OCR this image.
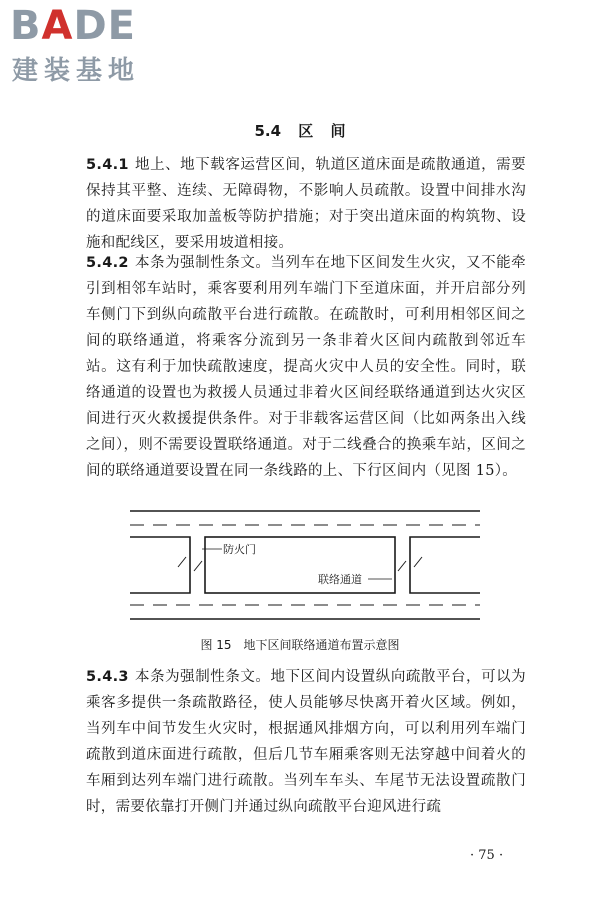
BADE
建装基地
5.4 区 间

5.4.1 地上、地下载客运营区间，轨道区道床面是疏散通道，需要保持其平整、连续、无障碍物，不影响人员疏散。设置中间排水沟的道床面要采取加盖板等防护措施；对于突出道床面的构筑物、设施和配线区，要采用坡道相接。

5.4.2 本条为强制性条文。当列车在地下区间发生火灾，又不能牵引到相邻车站时，乘客要利用列车端门下至道床面，并开启部分列车侧门下到纵向疏散平台进行疏散。在疏散时，可利用相邻区间之间的联络通道，将乘客分流到另一条非着火区间内疏散到邻近车站。这有利于加快疏散速度，提高火灾中人员的安全性。同时，联络通道的设置也为救援人员通过非着火区间经联络通道到达火灾区间进行灭火救援提供条件。对于非载客运营区间（比如两条出入线之间），则不需要设置联络通道。对于二线叠合的换乘车站，区间之间的联络通道要设置在同一条线路的上、下行区间内（见图 15）。

防火门
联络通道
图 15　地下区间联络通道布置示意图

5.4.3 本条为强制性条文。地下区间内设置纵向疏散平台，可以为乘客多提供一条疏散路径，使人员能够尽快离开着火区域。例如，当列车中间节发生火灾时，根据通风排烟方向，可以利用列车端门疏散到道床面进行疏散，但后几节车厢乘客则无法穿越中间着火的车厢到达列车端门进行疏散。当列车车头、车尾节无法设置疏散门时，需要依靠打开侧门并通过纵向疏散平台迎风进行疏

· 75 ·
